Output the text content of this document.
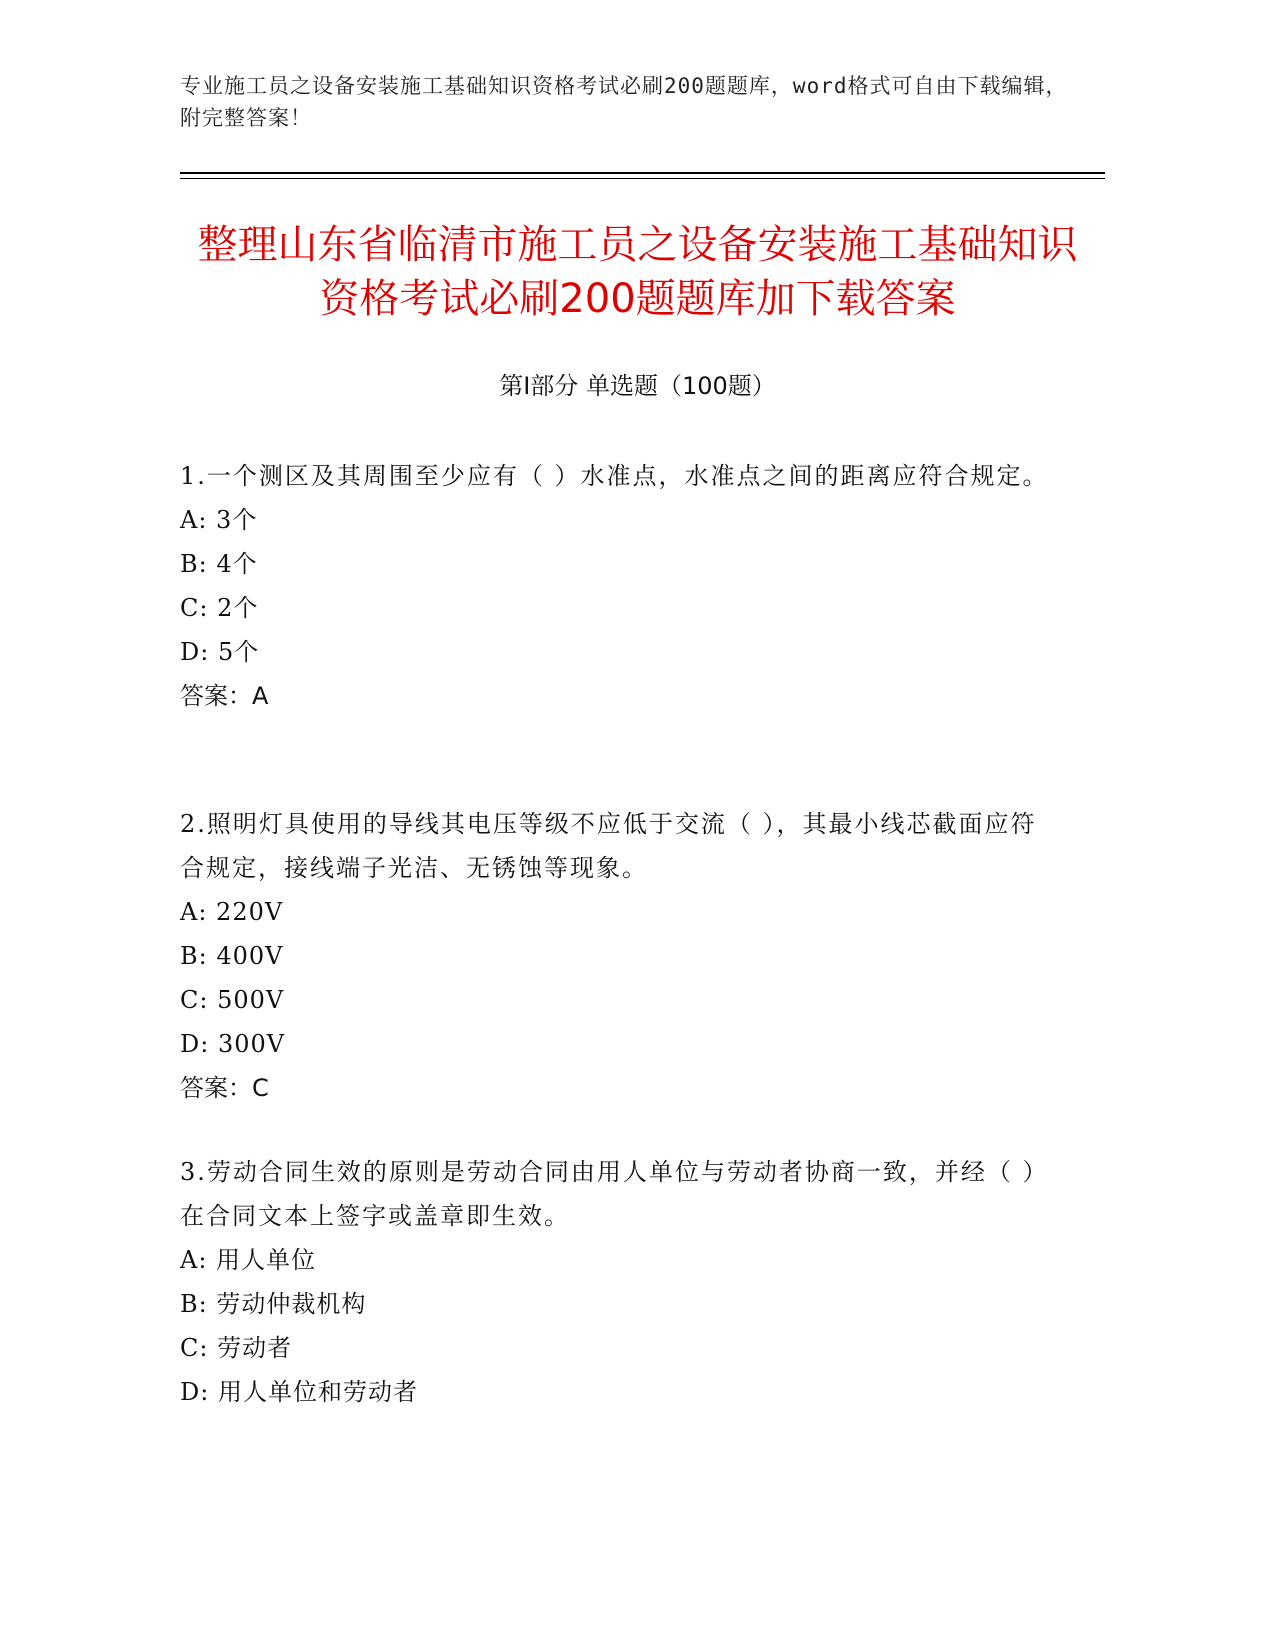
专业施工员之设备安装施工基础知识资格考试必刷200题题库，word格式可自由下载编辑，附完整答案！
整理山东省临清市施工员之设备安装施工基础知识资格考试必刷200题题库加下载答案
第Ⅰ部分 单选题（100题）

1.一个测区及其周围至少应有（ ）水准点，水准点之间的距离应符合规定。

A: 3个
B: 4个
C: 2个
D: 5个
答案：A

2.照明灯具使用的导线其电压等级不应低于交流（ ），其最小线芯截面应符合规定，接线端子光洁、无锈蚀等现象。

A: 220V
B: 400V
C: 500V
D: 300V
答案：C

3.劳动合同生效的原则是劳动合同由用人单位与劳动者协商一致，并经（ ）在合同文本上签字或盖章即生效。

A: 用人单位
B: 劳动仲裁机构
C: 劳动者
D: 用人单位和劳动者
